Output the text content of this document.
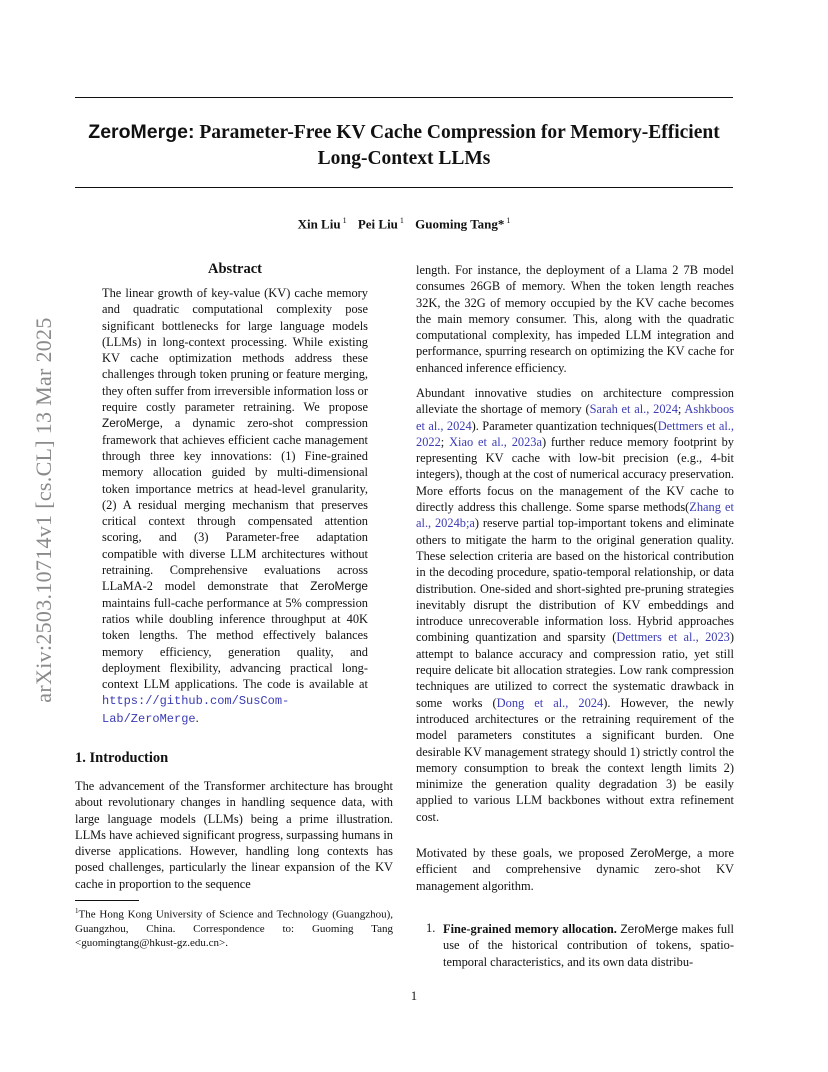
ZeroMerge: Parameter-Free KV Cache Compression for Memory-Efficient
Long-Context LLMs
Xin Liu $^1$ Pei Liu $^1$ Guoming Tang* $^1$
arXiv:2503.10714v1 [cs.CL] 13 Mar 2025
Abstract

The linear growth of key-value (KV) cache memory and quadratic computational complexity pose significant bottlenecks for large language models (LLMs) in long-context processing. While existing KV cache optimization methods address these challenges through token pruning or feature merging, they often suffer from irreversible information loss or require costly parameter retraining. We propose ZeroMerge, a dynamic zero-shot compression framework that achieves efficient cache management through three key innovations: (1) Fine-grained memory allocation guided by multi-dimensional token importance metrics at head-level granularity, (2) A residual merging mechanism that preserves critical context through compensated attention scoring, and (3) Parameter-free adaptation compatible with diverse LLM architectures without retraining. Comprehensive evaluations across LLaMA-2 model demonstrate that ZeroMerge maintains full-cache performance at 5% compression ratios while doubling inference throughput at 40K token lengths. The method effectively balances memory efficiency, generation quality, and deployment flexibility, advancing practical long-context LLM applications. The code is available at https://github.com/SusCom-Lab/ZeroMerge.

1. Introduction

The advancement of the Transformer architecture has brought about revolutionary changes in handling sequence data, with large language models (LLMs) being a prime illustration. LLMs have achieved significant progress, surpassing humans in diverse applications. However, handling long contexts has posed challenges, particularly the linear expansion of the KV cache in proportion to the sequence

$^1$The Hong Kong University of Science and Technology (Guangzhou), Guangzhou, China. Correspondence to: Guoming Tang <guomingtang@hkust-gz.edu.cn>.

length. For instance, the deployment of a Llama 2 7B model consumes 26GB of memory. When the token length reaches 32K, the 32G of memory occupied by the KV cache becomes the main memory consumer. This, along with the quadratic computational complexity, has impeded LLM integration and performance, spurring research on optimizing the KV cache for enhanced inference efficiency.

Abundant innovative studies on architecture compression alleviate the shortage of memory (Sarah et al., 2024; Ashkboos et al., 2024). Parameter quantization techniques(Dettmers et al., 2022; Xiao et al., 2023a) further reduce memory footprint by representing KV cache with low-bit precision (e.g., 4-bit integers), though at the cost of numerical accuracy preservation. More efforts focus on the management of the KV cache to directly address this challenge. Some sparse methods(Zhang et al., 2024b;a) reserve partial top-important tokens and eliminate others to mitigate the harm to the original generation quality. These selection criteria are based on the historical contribution in the decoding procedure, spatio-temporal relationship, or data distribution. One-sided and short-sighted pre-pruning strategies inevitably disrupt the distribution of KV embeddings and introduce unrecoverable information loss. Hybrid approaches combining quantization and sparsity (Dettmers et al., 2023) attempt to balance accuracy and compression ratio, yet still require delicate bit allocation strategies. Low rank compression techniques are utilized to correct the systematic drawback in some works (Dong et al., 2024). However, the newly introduced architectures or the retraining requirement of the model parameters constitutes a significant burden. One desirable KV management strategy should 1) strictly control the memory consumption to break the context length limits 2) minimize the generation quality degradation 3) be easily applied to various LLM backbones without extra refinement cost.

Motivated by these goals, we proposed ZeroMerge, a more efficient and comprehensive dynamic zero-shot KV management algorithm.

1. Fine-grained memory allocation. ZeroMerge makes full use of the historical contribution of tokens, spatio-temporal characteristics, and its own data distribu-

1
